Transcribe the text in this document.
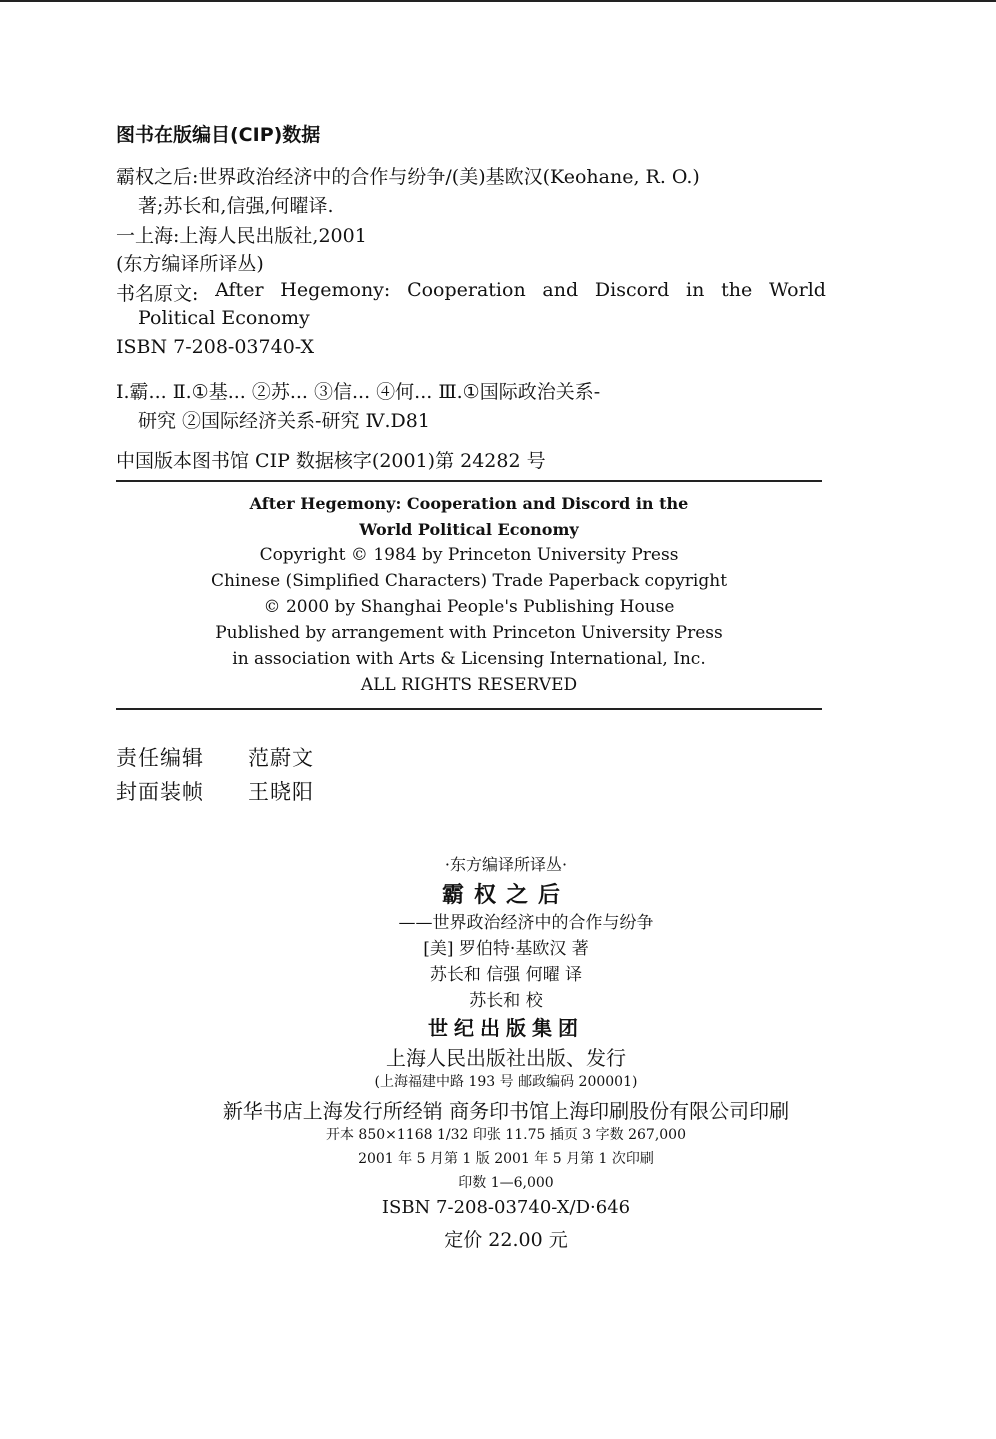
图书在版编目(CIP)数据
霸权之后:世界政治经济中的合作与纷争/(美)基欧汉(Keohane, R. O.)
著;苏长和,信强,何曜译.
一上海:上海人民出版社,2001
(东方编译所译丛)
书名原文: After Hegemony: Cooperation and Discord in the World
Political Economy
ISBN 7-208-03740-X
Ⅰ.霸... Ⅱ.①基... ②苏... ③信... ④何... Ⅲ.①国际政治关系-
研究 ②国际经济关系-研究 Ⅳ.D81
中国版本图书馆 CIP 数据核字(2001)第 24282 号
After Hegemony: Cooperation and Discord in the
World Political Economy
Copyright © 1984 by Princeton University Press
Chinese (Simplified Characters) Trade Paperback copyright
© 2000 by Shanghai People's Publishing House
Published by arrangement with Princeton University Press
in association with Arts & Licensing International, Inc.
ALL RIGHTS RESERVED
责任编辑 范蔚文
封面装帧 王晓阳
·东方编译所译丛·
霸权之后
——世界政治经济中的合作与纷争
[美] 罗伯特·基欧汉 著
苏长和 信强 何曜 译
苏长和 校
世纪出版集团
上海人民出版社出版、发行
(上海福建中路 193 号 邮政编码 200001)
新华书店上海发行所经销 商务印书馆上海印刷股份有限公司印刷
开本 850×1168 1/32 印张 11.75 插页 3 字数 267,000
2001 年 5 月第 1 版 2001 年 5 月第 1 次印刷
印数 1—6,000
ISBN 7-208-03740-X/D·646
定价 22.00 元
